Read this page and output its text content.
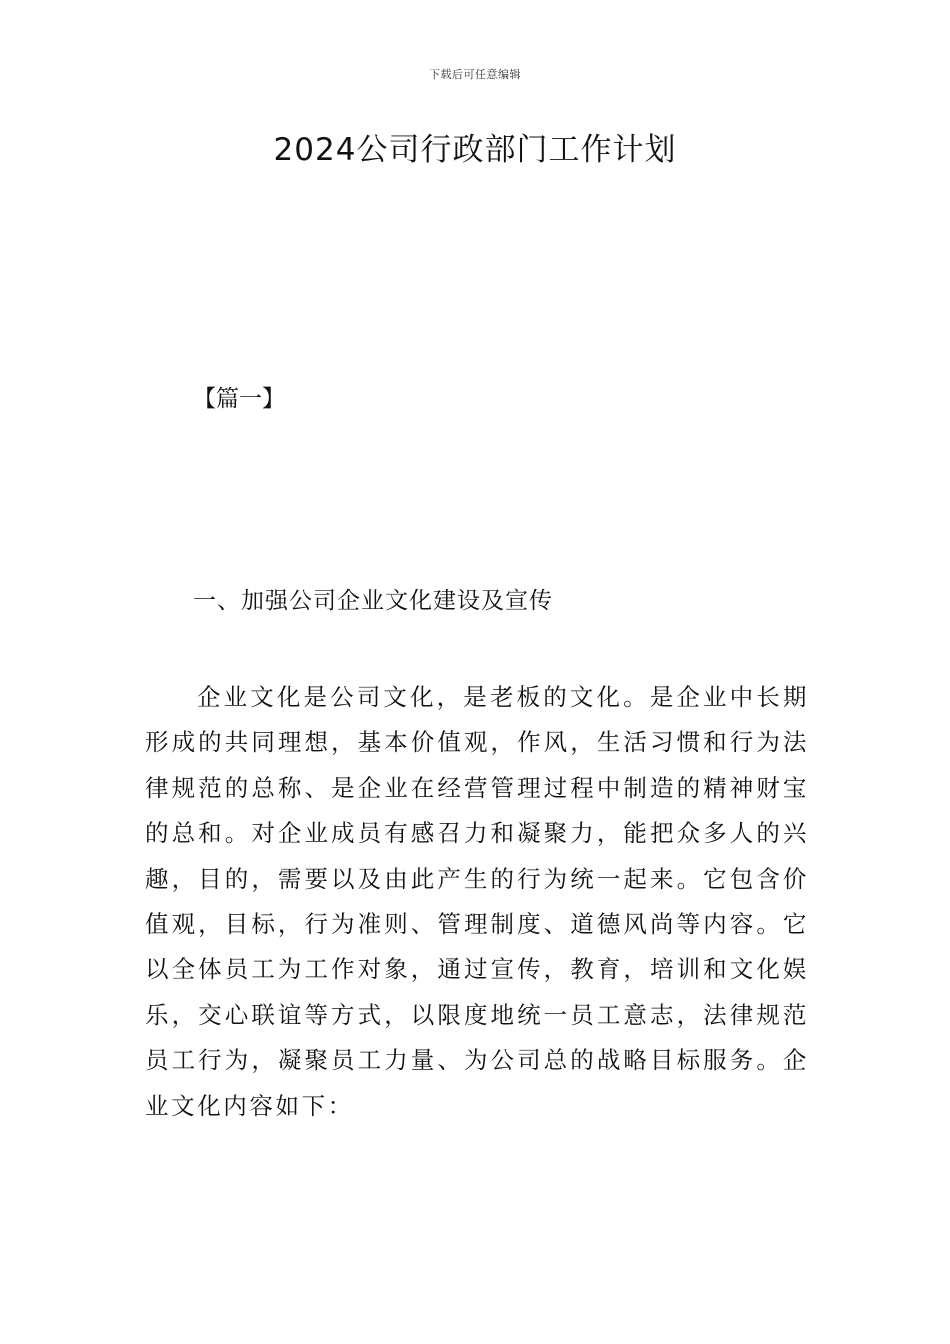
下载后可任意编辑
2024公司行政部门工作计划
【篇一】
一、加强公司企业文化建设及宣传

企业文化是公司文化，是老板的文化。是企业中长期形成的共同理想，基本价值观，作风，生活习惯和行为法律规范的总称、是企业在经营管理过程中制造的精神财宝的总和。对企业成员有感召力和凝聚力，能把众多人的兴趣，目的，需要以及由此产生的行为统一起来。它包含价值观，目标，行为准则、管理制度、道德风尚等内容。它以全体员工为工作对象，通过宣传，教育，培训和文化娱乐，交心联谊等方式，以限度地统一员工意志，法律规范员工行为，凝聚员工力量、为公司总的战略目标服务。企业文化内容如下：
